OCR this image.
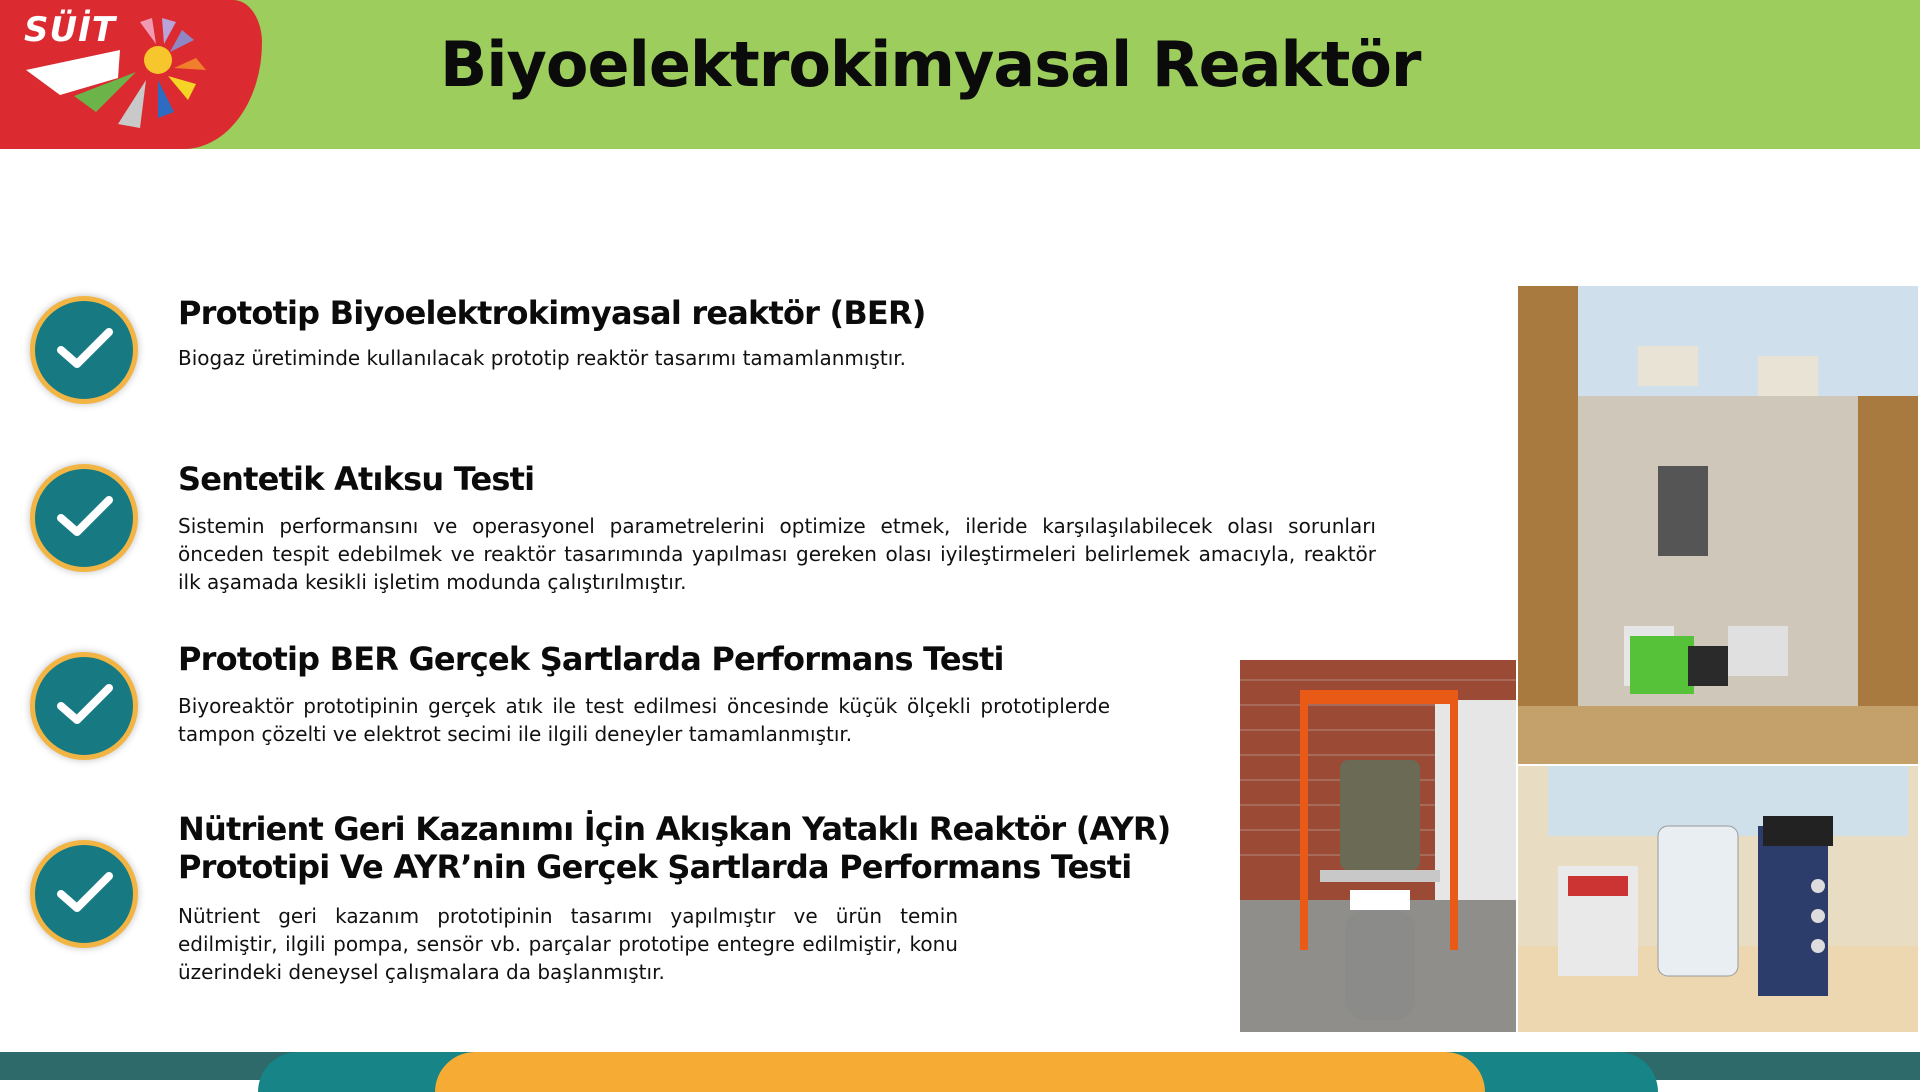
SÜİT	Biyoelektrokimyasal Reaktör
Prototip Biyoelektrokimyasal reaktör (BER)

Biogaz üretiminde kullanılacak prototip reaktör tasarımı tamamlanmıştır.

Sentetik Atıksu Testi

Sistemin performansını ve operasyonel parametrelerini optimize etmek, ileride karşılaşılabilecek olası sorunları önceden tespit edebilmek ve reaktör tasarımında yapılması gereken olası iyileştirmeleri belirlemek amacıyla, reaktör ilk aşamada kesikli işletim modunda çalıştırılmıştır.

Prototip BER Gerçek Şartlarda Performans Testi

Biyoreaktör prototipinin gerçek atık ile test edilmesi öncesinde küçük ölçekli prototiplerde tampon çözelti ve elektrot secimi ile ilgili deneyler tamamlanmıştır.

Nütrient Geri Kazanımı İçin Akışkan Yataklı Reaktör (AYR)
Prototipi Ve AYR’nin Gerçek Şartlarda Performans Testi

Nütrient geri kazanım prototipinin tasarımı yapılmıştır ve ürün temin edilmiştir, ilgili pompa, sensör vb. parçalar prototipe entegre edilmiştir, konu üzerindeki deneysel çalışmalara da başlanmıştır.
